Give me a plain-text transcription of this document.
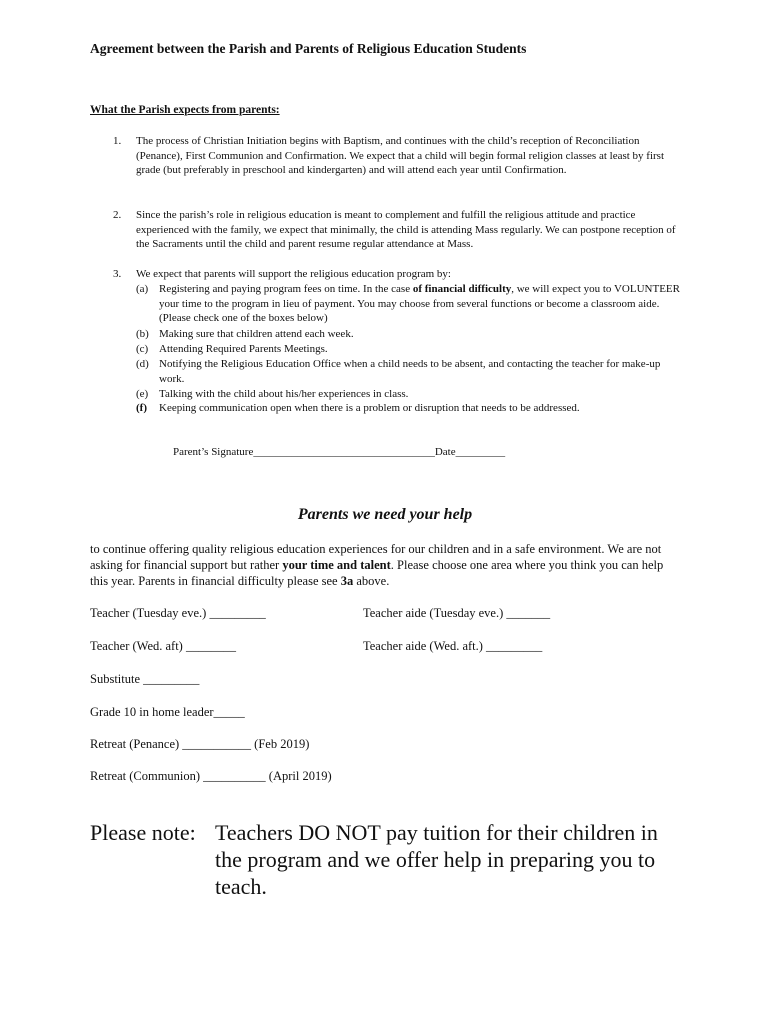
Agreement between the Parish and Parents of Religious Education Students
What the Parish expects from parents:
1.	The process of Christian Initiation begins with Baptism, and continues with the child’s reception of Reconciliation (Penance), First Communion and Confirmation. We expect that a child will begin formal religion classes at least by first grade (but preferably in preschool and kindergarten) and will attend each year until Confirmation.
2.	Since the parish’s role in religious education is meant to complement and fulfill the religious attitude and practice experienced with the family, we expect that minimally, the child is attending Mass regularly. We can postpone reception of the Sacraments until the child and parent resume regular attendance at Mass.
3.	We expect that parents will support the religious education program by:
(a) Registering and paying program fees on time. In the case of financial difficulty, we will expect you to VOLUNTEER your time to the program in lieu of payment. You may choose from several functions or become a classroom aide. (Please check one of the boxes below)
(b) Making sure that children attend each week.
(c) Attending Required Parents Meetings.
(d) Notifying the Religious Education Office when a child needs to be absent, and contacting the teacher for make-up work.
(e) Talking with the child about his/her experiences in class.
(f)	Keeping communication open when there is a problem or disruption that needs to be addressed.
Parent’s Signature_________________________________Date_________
Parents we need your help
to continue offering quality religious education experiences for our children and in a safe environment. We are not asking for financial support but rather your time and talent. Please choose one area where you think you can help this year. Parents in financial difficulty please see 3a above.
Teacher (Tuesday eve.) _________	Teacher aide (Tuesday eve.) _______
Teacher (Wed. aft) ________	Teacher aide (Wed. aft.) _________
Substitute _________
Grade 10 in home leader_____
Retreat (Penance) ___________ (Feb 2019)
Retreat (Communion) __________ (April 2019)
Please note: Teachers DO NOT pay tuition for their children in the program and we offer help in preparing you to teach.
